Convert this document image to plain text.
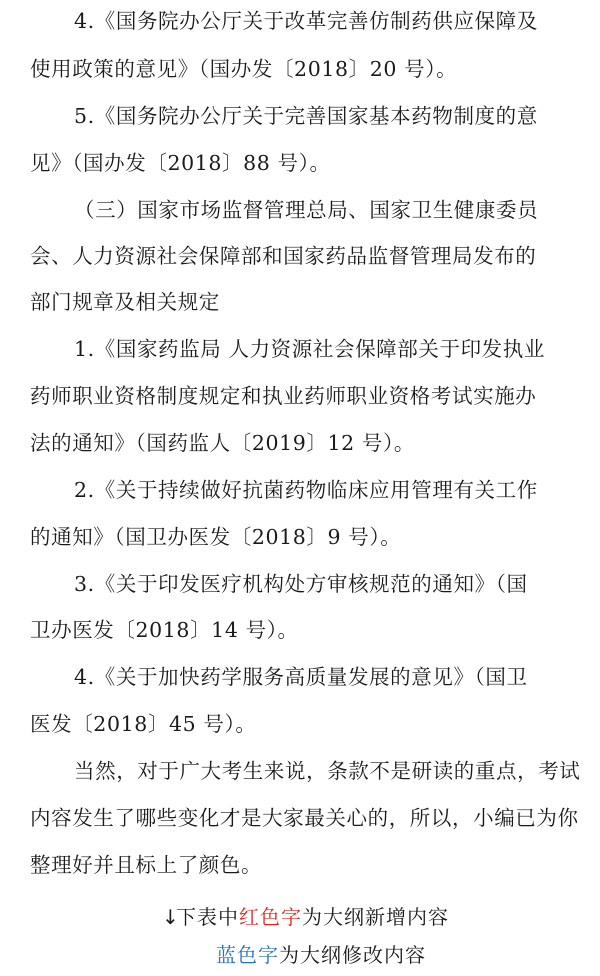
4.《国务院办公厅关于改革完善仿制药供应保障及
使用政策的意见》（国办发〔2018〕20 号）。
5.《国务院办公厅关于完善国家基本药物制度的意
见》（国办发〔2018〕88 号）。
（三）国家市场监督管理总局、国家卫生健康委员
会、人力资源社会保障部和国家药品监督管理局发布的
部门规章及相关规定
1.《国家药监局 人力资源社会保障部关于印发执业
药师职业资格制度规定和执业药师职业资格考试实施办
法的通知》（国药监人〔2019〕12 号）。
2.《关于持续做好抗菌药物临床应用管理有关工作
的通知》（国卫办医发〔2018〕9 号）。
3.《关于印发医疗机构处方审核规范的通知》（国
卫办医发〔2018〕14 号）。
4.《关于加快药学服务高质量发展的意见》（国卫
医发〔2018〕45 号）。
当然，对于广大考生来说，条款不是研读的重点，考试
内容发生了哪些变化才是大家最关心的，所以，小编已为你
整理好并且标上了颜色。
↓下表中红色字为大纲新增内容
蓝色字为大纲修改内容
